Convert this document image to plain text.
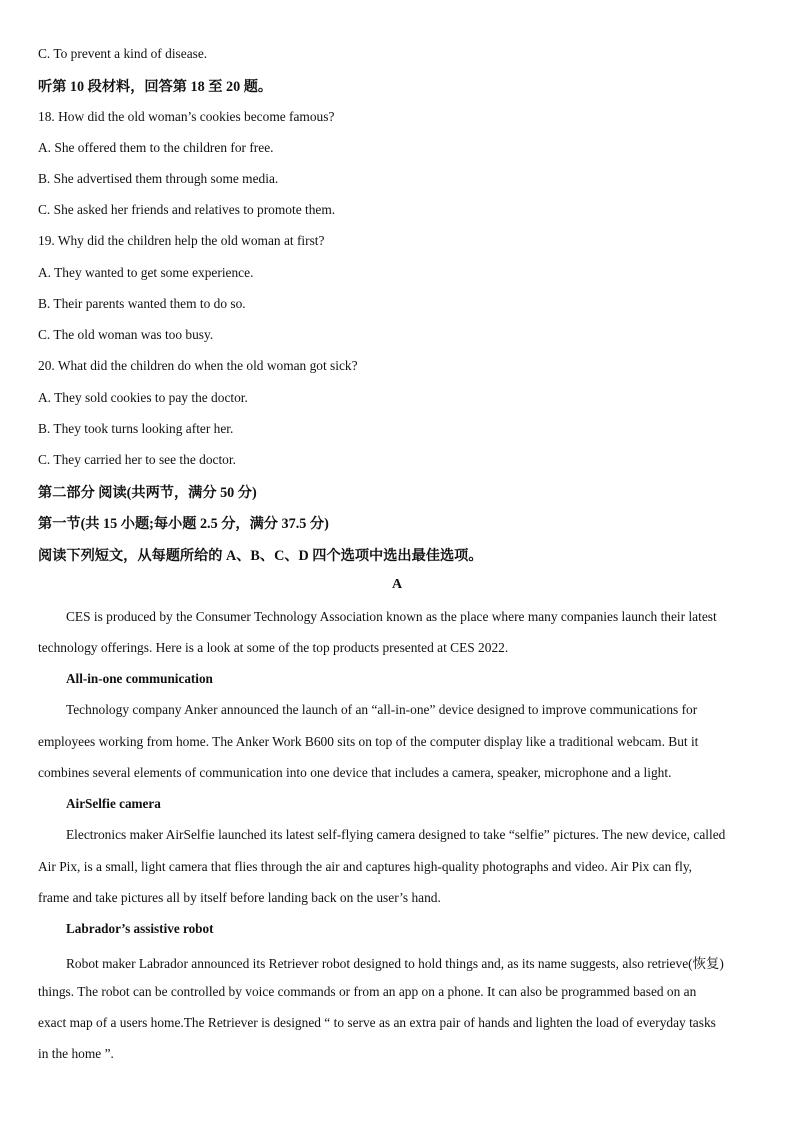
C. To prevent a kind of disease.
听第 10 段材料，回答第 18 至 20 题。
18. How did the old woman’s cookies become famous?
A. She offered them to the children for free.
B. She advertised them through some media.
C. She asked her friends and relatives to promote them.
19. Why did the children help the old woman at first?
A. They wanted to get some experience.
B. Their parents wanted them to do so.
C. The old woman was too busy.
20. What did the children do when the old woman got sick?
A. They sold cookies to pay the doctor.
B. They took turns looking after her.
C. They carried her to see the doctor.
第二部分 阅读(共两节，满分 50 分)
第一节(共 15 小题;每小题 2.5 分，满分 37.5 分)
阅读下列短文，从每题所给的 A、B、C、D 四个选项中选出最佳选项。
A
CES is produced by the Consumer Technology Association known as the place where many companies launch their latest
technology offerings. Here is a look at some of the top products presented at CES 2022.
All-in-one communication
Technology company Anker announced the launch of an “all-in-one” device designed to improve communications for
employees working from home. The Anker Work B600 sits on top of the computer display like a traditional webcam. But it
combines several elements of communication into one device that includes a camera, speaker, microphone and a light.
AirSelfie camera
Electronics maker AirSelfie launched its latest self-flying camera designed to take “selfie” pictures. The new device, called
Air Pix, is a small, light camera that flies through the air and captures high-quality photographs and video. Air Pix can fly,
frame and take pictures all by itself before landing back on the user’s hand.
Labrador’s assistive robot
Robot maker Labrador announced its Retriever robot designed to hold things and, as its name suggests, also retrieve(恢复)
things. The robot can be controlled by voice commands or from an app on a phone. It can also be programmed based on an
exact map of a users home.The Retriever is designed “ to serve as an extra pair of hands and lighten the load of everyday tasks
in the home ”.
